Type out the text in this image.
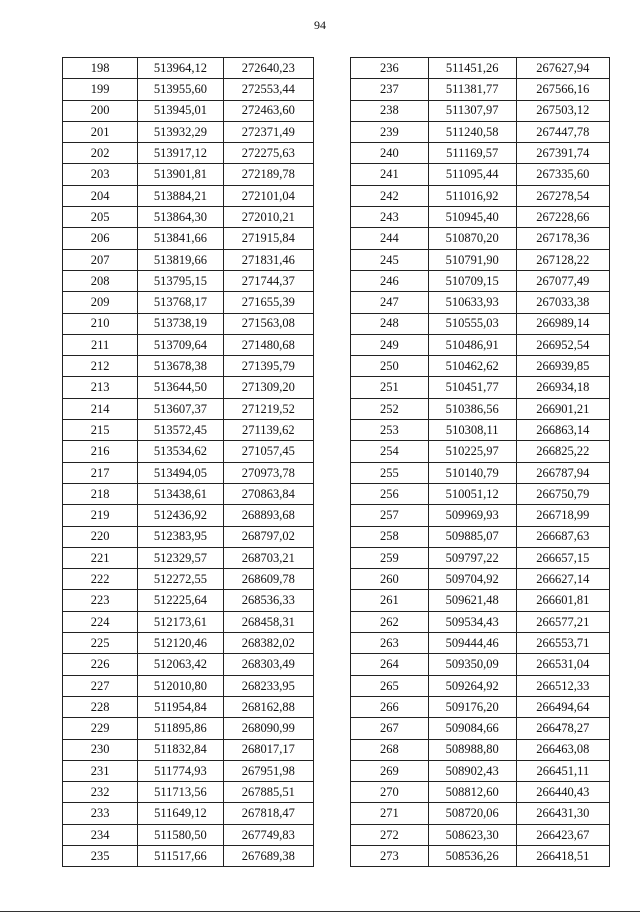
94
198	513964,12	272640,23
199	513955,60	272553,44
200	513945,01	272463,60
201	513932,29	272371,49
202	513917,12	272275,63
203	513901,81	272189,78
204	513884,21	272101,04
205	513864,30	272010,21
206	513841,66	271915,84
207	513819,66	271831,46
208	513795,15	271744,37
209	513768,17	271655,39
210	513738,19	271563,08
211	513709,64	271480,68
212	513678,38	271395,79
213	513644,50	271309,20
214	513607,37	271219,52
215	513572,45	271139,62
216	513534,62	271057,45
217	513494,05	270973,78
218	513438,61	270863,84
219	512436,92	268893,68
220	512383,95	268797,02
221	512329,57	268703,21
222	512272,55	268609,78
223	512225,64	268536,33
224	512173,61	268458,31
225	512120,46	268382,02
226	512063,42	268303,49
227	512010,80	268233,95
228	511954,84	268162,88
229	511895,86	268090,99
230	511832,84	268017,17
231	511774,93	267951,98
232	511713,56	267885,51
233	511649,12	267818,47
234	511580,50	267749,83
235	511517,66	267689,38
236	511451,26	267627,94
237	511381,77	267566,16
238	511307,97	267503,12
239	511240,58	267447,78
240	511169,57	267391,74
241	511095,44	267335,60
242	511016,92	267278,54
243	510945,40	267228,66
244	510870,20	267178,36
245	510791,90	267128,22
246	510709,15	267077,49
247	510633,93	267033,38
248	510555,03	266989,14
249	510486,91	266952,54
250	510462,62	266939,85
251	510451,77	266934,18
252	510386,56	266901,21
253	510308,11	266863,14
254	510225,97	266825,22
255	510140,79	266787,94
256	510051,12	266750,79
257	509969,93	266718,99
258	509885,07	266687,63
259	509797,22	266657,15
260	509704,92	266627,14
261	509621,48	266601,81
262	509534,43	266577,21
263	509444,46	266553,71
264	509350,09	266531,04
265	509264,92	266512,33
266	509176,20	266494,64
267	509084,66	266478,27
268	508988,80	266463,08
269	508902,43	266451,11
270	508812,60	266440,43
271	508720,06	266431,30
272	508623,30	266423,67
273	508536,26	266418,51
